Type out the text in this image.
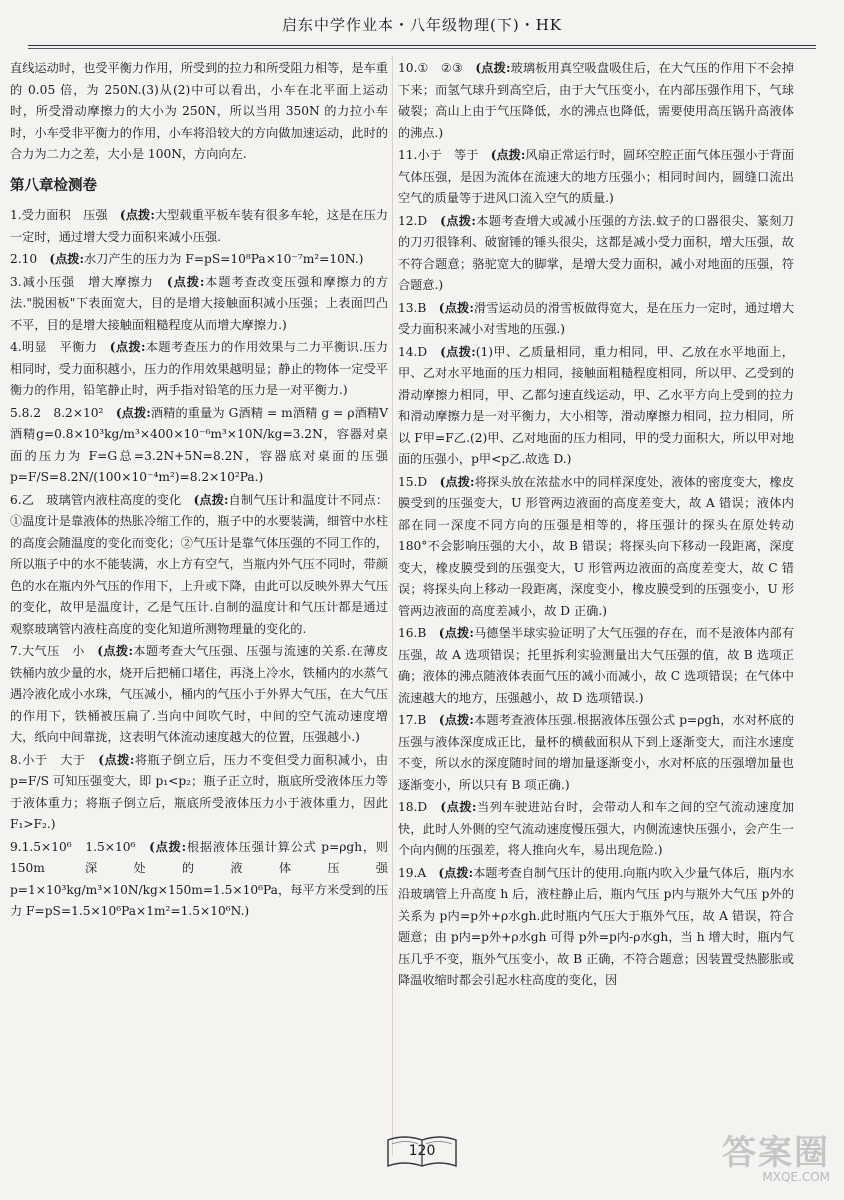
启东中学作业本・八年级物理(下)・HK

直线运动时，也受平衡力作用，所受到的拉力和所受阻力相等，是车重的 0.05 倍，为 250N.(3)从(2)中可以看出，小车在北平面上运动时，所受滑动摩擦力的大小为 250N，所以当用 350N 的力拉小车时，小车受非平衡力的作用，小车将沿较大的方向做加速运动，此时的合力为二力之差，大小是 100N，方向向左.

第八章检测卷

1.受力面积　压强　(点拨:大型载重平板车装有很多车轮，这是在压力一定时，通过增大受力面积来减小压强.

2.10　(点拨:水刀产生的压力为 F=pS=10⁸Pa×10⁻⁷m²=10N.)

3.减小压强　增大摩擦力　(点拨:本题考查改变压强和摩擦力的方法."脱困板"下表面宽大，目的是增大接触面积减小压强；上表面凹凸不平，目的是增大接触面粗糙程度从而增大摩擦力.)

4.明显　平衡力　(点拨:本题考查压力的作用效果与二力平衡识.压力相同时，受力面积越小，压力的作用效果越明显；静止的物体一定受平衡力的作用，铅笔静止时，两手指对铅笔的压力是一对平衡力.)

5.8.2　8.2×10²　(点拨:酒精的重量为 G酒精 = m酒精 g = ρ酒精V酒精g=0.8×10³kg/m³×400×10⁻⁶m³×10N/kg=3.2N，容器对桌面的压力为 F=G总=3.2N+5N=8.2N，容器底对桌面的压强 p=F/S=8.2N/(100×10⁻⁴m²)=8.2×10²Pa.)

6.乙　玻璃管内液柱高度的变化　(点拨:自制气压计和温度计不同点：①温度计是靠液体的热胀冷缩工作的，瓶子中的水要装满，细管中水柱的高度会随温度的变化而变化；②气压计是靠气体压强的不同工作的，所以瓶子中的水不能装满，水上方有空气，当瓶内外气压不同时，带颜色的水在瓶内外气压的作用下，上升或下降，由此可以反映外界大气压的变化，故甲是温度计，乙是气压计.自制的温度计和气压计都是通过观察玻璃管内液柱高度的变化知道所测物理量的变化的.

7.大气压　小　(点拨:本题考查大气压强、压强与流速的关系.在薄皮铁桶内放少量的水，烧开后把桶口堵住，再浇上冷水，铁桶内的水蒸气遇冷液化成小水珠，气压减小，桶内的气压小于外界大气压，在大气压的作用下，铁桶被压扁了.当向中间吹气时，中间的空气流动速度增大，纸向中间靠拢，这表明气体流动速度越大的位置，压强越小.)

8.小于　大于　(点拨:将瓶子倒立后，压力不变但受力面积减小，由 p=F/S 可知压强变大，即 p₁<p₂；瓶子正立时，瓶底所受液体压力等于液体重力；将瓶子倒立后，瓶底所受液体压力小于液体重力，因此 F₁>F₂.)

9.1.5×10⁶　1.5×10⁶　(点拨:根据液体压强计算公式 p=ρgh，则 150m 深处的液体压强 p=1×10³kg/m³×10N/kg×150m=1.5×10⁶Pa，每平方米受到的压力 F=pS=1.5×10⁶Pa×1m²=1.5×10⁶N.)

10.①　②③　(点拨:玻璃板用真空吸盘吸住后，在大气压的作用下不会掉下来；而氢气球升到高空后，由于大气压变小，在内部压强作用下，气球破裂；高山上由于气压降低，水的沸点也降低，需要使用高压锅升高液体的沸点.)

11.小于　等于　(点拨:风扇正常运行时，圆环空腔正面气体压强小于背面气体压强，是因为流体在流速大的地方压强小；相同时间内，圆缝口流出空气的质量等于进风口流入空气的质量.)

12.D　(点拨:本题考查增大或减小压强的方法.蚊子的口器很尖、篆刻刀的刀刃很锋利、破窗锤的锤头很尖，这都是减小受力面积，增大压强，故不符合题意；骆驼宽大的脚掌，是增大受力面积，减小对地面的压强，符合题意.)

13.B　(点拨:滑雪运动员的滑雪板做得宽大，是在压力一定时，通过增大受力面积来减小对雪地的压强.)

14.D　(点拨:(1)甲、乙质量相同，重力相同，甲、乙放在水平地面上，甲、乙对水平地面的压力相同，接触面粗糙程度相同，所以甲、乙受到的滑动摩擦力相同，甲、乙都匀速直线运动，甲、乙水平方向上受到的拉力和滑动摩擦力是一对平衡力，大小相等，滑动摩擦力相同，拉力相同，所以 F甲=F乙.(2)甲、乙对地面的压力相同，甲的受力面积大，所以甲对地面的压强小，p甲<p乙.故选 D.)

15.D　(点拨:将探头放在浓盐水中的同样深度处，液体的密度变大，橡皮膜受到的压强变大，U 形管两边液面的高度差变大，故 A 错误；液体内部在同一深度不同方向的压强是相等的，将压强计的探头在原处转动 180°不会影响压强的大小，故 B 错误；将探头向下移动一段距离，深度变大，橡皮膜受到的压强变大，U 形管两边液面的高度差变大，故 C 错误；将探头向上移动一段距离，深度变小，橡皮膜受到的压强变小，U 形管两边液面的高度差减小，故 D 正确.)

16.B　(点拨:马德堡半球实验证明了大气压强的存在，而不是液体内部有压强，故 A 选项错误；托里拆利实验测量出大气压强的值，故 B 选项正确；液体的沸点随液体表面气压的减小而减小，故 C 选项错误；在气体中流速越大的地方，压强越小，故 D 选项错误.)

17.B　(点拨:本题考查液体压强.根据液体压强公式 p=ρgh，水对杯底的压强与液体深度成正比，量杯的横截面积从下到上逐渐变大，而注水速度不变，所以水的深度随时间的增加量逐渐变小，水对杯底的压强增加量也逐渐变小，所以只有 B 项正确.)

18.D　(点拨:当列车驶进站台时，会带动人和车之间的空气流动速度加快，此时人外侧的空气流动速度慢压强大，内侧流速快压强小，会产生一个向内侧的压强差，将人推向火车，易出现危险.)

19.A　(点拨:本题考查自制气压计的使用.向瓶内吹入少量气体后，瓶内水沿玻璃管上升高度 h 后，液柱静止后，瓶内气压 p内与瓶外大气压 p外的关系为 p内=p外+ρ水gh.此时瓶内气压大于瓶外气压，故 A 错误，符合题意；由 p内=p外+ρ水gh 可得 p外=p内-ρ水gh，当 h 增大时，瓶内气压几乎不变，瓶外气压变小，故 B 正确，不符合题意；因装置受热膨胀或降温收缩时都会引起水柱高度的变化，因

120	答案圈
MXQE.COM
